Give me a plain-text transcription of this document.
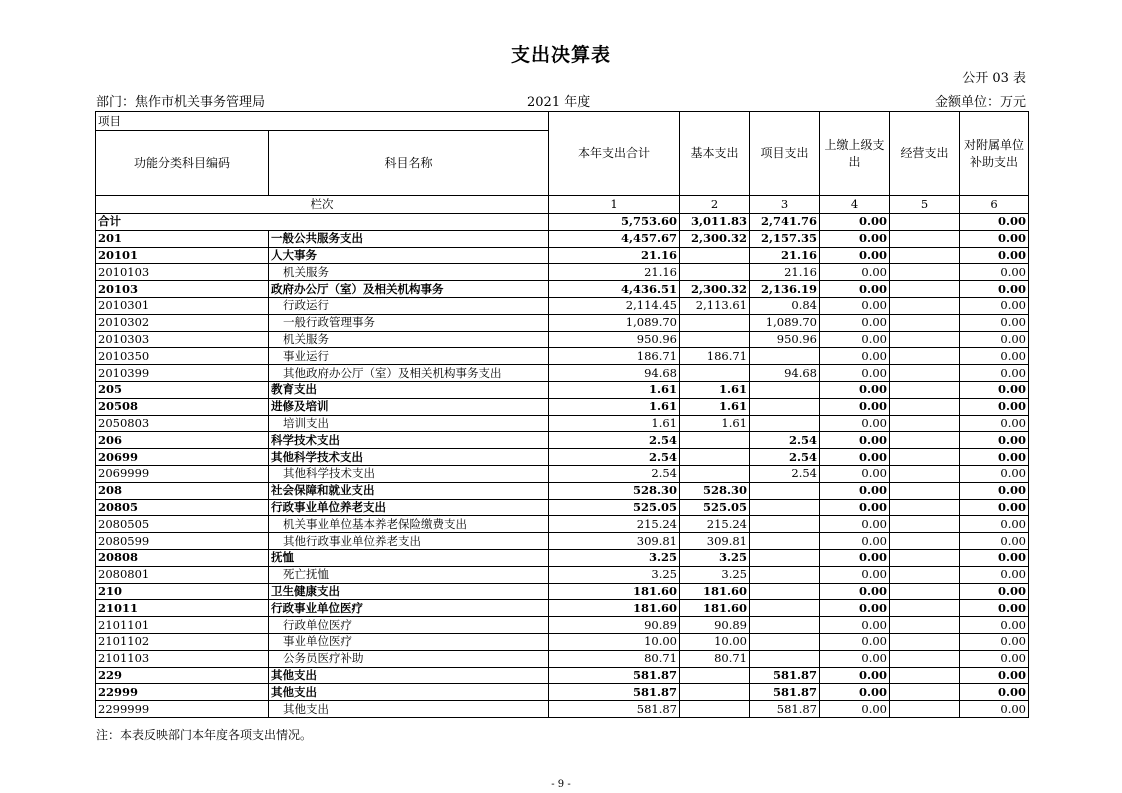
支出决算表
公开 03 表
部门：焦作市机关事务管理局	2021 年度	金额单位：万元
项目		本年支出合计	基本支出	项目支出	上缴上级支出	经营支出	对附属单位补助支出
功能分类科目编码	科目名称						
栏次		1	2	3	4	5	6
合计		5,753.60	3,011.83	2,741.76	0.00		0.00
201	一般公共服务支出	4,457.67	2,300.32	2,157.35	0.00		0.00
20101	人大事务	21.16		21.16	0.00		0.00
2010103	机关服务	21.16		21.16	0.00		0.00
20103	政府办公厅（室）及相关机构事务	4,436.51	2,300.32	2,136.19	0.00		0.00
2010301	行政运行	2,114.45	2,113.61	0.84	0.00		0.00
2010302	一般行政管理事务	1,089.70		1,089.70	0.00		0.00
2010303	机关服务	950.96		950.96	0.00		0.00
2010350	事业运行	186.71	186.71		0.00		0.00
2010399	其他政府办公厅（室）及相关机构事务支出	94.68		94.68	0.00		0.00
205	教育支出	1.61	1.61		0.00		0.00
20508	进修及培训	1.61	1.61		0.00		0.00
2050803	培训支出	1.61	1.61		0.00		0.00
206	科学技术支出	2.54		2.54	0.00		0.00
20699	其他科学技术支出	2.54		2.54	0.00		0.00
2069999	其他科学技术支出	2.54		2.54	0.00		0.00
208	社会保障和就业支出	528.30	528.30		0.00		0.00
20805	行政事业单位养老支出	525.05	525.05		0.00		0.00
2080505	机关事业单位基本养老保险缴费支出	215.24	215.24		0.00		0.00
2080599	其他行政事业单位养老支出	309.81	309.81		0.00		0.00
20808	抚恤	3.25	3.25		0.00		0.00
2080801	死亡抚恤	3.25	3.25		0.00		0.00
210	卫生健康支出	181.60	181.60		0.00		0.00
21011	行政事业单位医疗	181.60	181.60		0.00		0.00
2101101	行政单位医疗	90.89	90.89		0.00		0.00
2101102	事业单位医疗	10.00	10.00		0.00		0.00
2101103	公务员医疗补助	80.71	80.71		0.00		0.00
229	其他支出	581.87		581.87	0.00		0.00
22999	其他支出	581.87		581.87	0.00		0.00
2299999	其他支出	581.87		581.87	0.00		0.00
注：本表反映部门本年度各项支出情况。
- 9 -
